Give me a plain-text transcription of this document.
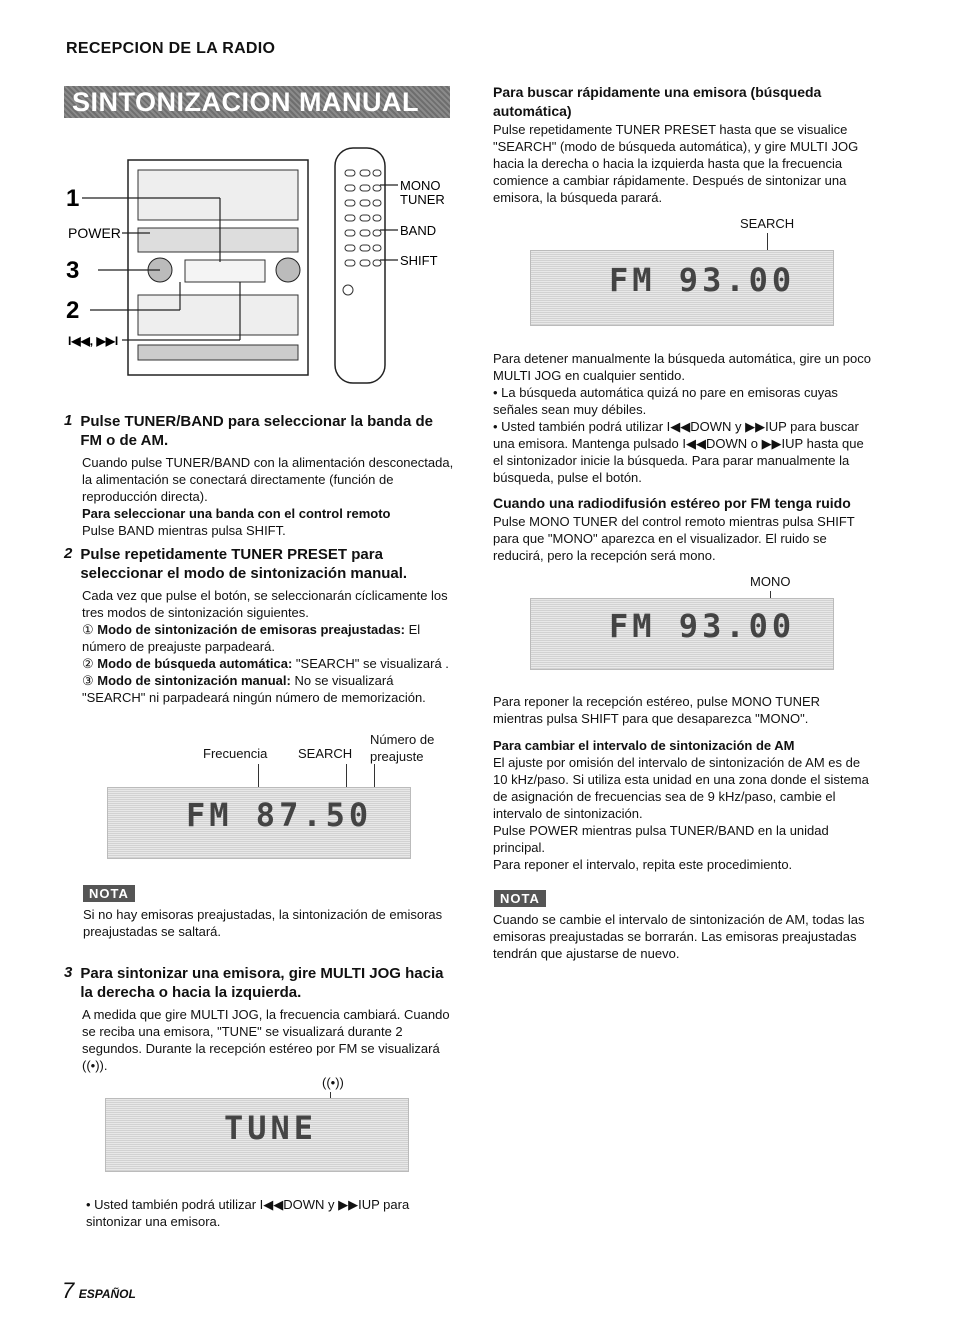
RECEPCION DE LA RADIO
SINTONIZACION MANUAL
1
POWER
3
2
I◀◀, ▶▶I
MONO
TUNER
BAND
SHIFT
1 Pulse TUNER/BAND para seleccionar la banda de FM o de AM.
Cuando pulse TUNER/BAND con la alimentación desconectada, la alimentación se conectará directamente (función de reproducción directa).
Para seleccionar una banda con el control remoto
Pulse BAND mientras pulsa SHIFT.
2 Pulse repetidamente TUNER PRESET para seleccionar el modo de sintonización manual.
Cada vez que pulse el botón, se seleccionarán cíclicamente los tres modos de sintonización siguientes.
① Modo de sintonización de emisoras preajustadas: El número de preajuste parpadeará.
② Modo de búsqueda automática: "SEARCH" se visualizará .
③ Modo de sintonización manual: No se visualizará "SEARCH" ni parpadeará ningún número de memorización.
Frecuencia SEARCH
Número de preajuste
FM 87.50
NOTA
Si no hay emisoras preajustadas, la sintonización de emisoras preajustadas se saltará.
3 Para sintonizar una emisora, gire MULTI JOG hacia la derecha o hacia la izquierda.
A medida que gire MULTI JOG, la frecuencia cambiará. Cuando se reciba una emisora, "TUNE" se visualizará durante 2 segundos. Durante la recepción estéreo por FM se visualizará ((•)).
((•))
TUNE
• Usted también podrá utilizar I◀◀DOWN y ▶▶IUP para sintonizar una emisora.
Para buscar rápidamente una emisora (búsqueda automática)
Pulse repetidamente TUNER PRESET hasta que se visualice "SEARCH" (modo de búsqueda automática), y gire MULTI JOG hacia la derecha o hacia la izquierda hasta que la frecuencia comience a cambiar rápidamente. Después de sintonizar una emisora, la búsqueda parará.
SEARCH
FM 93.00
Para detener manualmente la búsqueda automática, gire un poco MULTI JOG en cualquier sentido.
• La búsqueda automática quizá no pare en emisoras cuyas señales sean muy débiles.
• Usted también podrá utilizar I◀◀DOWN y ▶▶IUP para buscar una emisora. Mantenga pulsado I◀◀DOWN o ▶▶IUP hasta que el sintonizador inicie la búsqueda. Para parar manualmente la búsqueda, pulse el botón.
Cuando una radiodifusión estéreo por FM tenga ruido
Pulse MONO TUNER del control remoto mientras pulsa SHIFT para que "MONO" aparezca en el visualizador. El ruido se reducirá, pero la recepción será mono.
MONO
FM 93.00
Para reponer la recepción estéreo, pulse MONO TUNER mientras pulsa SHIFT para que desaparezca "MONO".
Para cambiar el intervalo de sintonización de AM
El ajuste por omisión del intervalo de sintonización de AM es de 10 kHz/paso. Si utiliza esta unidad en una zona donde el sistema de asignación de frecuencias sea de 9 kHz/paso, cambie el intervalo de sintonización.
Pulse POWER mientras pulsa TUNER/BAND en la unidad principal.
Para reponer el intervalo, repita este procedimiento.
NOTA
Cuando se cambie el intervalo de sintonización de AM, todas las emisoras preajustadas se borrarán. Las emisoras preajustadas tendrán que ajustarse de nuevo.
7 ESPAÑOL
